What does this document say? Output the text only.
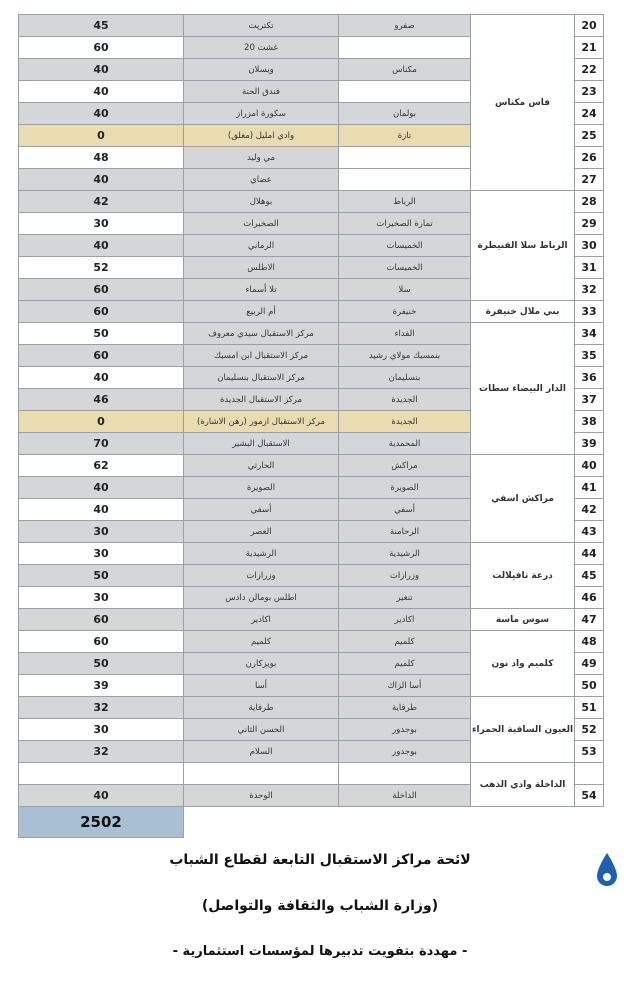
45	تكتريت	صفرو	فاس مكناس	20
60	20 غشت			21
40	ويسلان	مكناس		22
40	فندق الحنة			23
40	سكورة امزراز	بولمان		24
0	وادي امليل (مغلق)	تازة		25
48	مي وليد			26
40	عضاي			27
42	بوهلال	الرباط	الرباط سلا القنيطرة	28
30	الصخيرات	تمارة الصخيرات		29
40	الرماني	الخميسات		30
52	الاطلس	الخميسات		31
60	تلا أسماء	سلا		32
60	أم الربيع	خنيفرة	بني ملال خنيفرة	33
50	مركز الاستقبال سيدي معروف	الفداء	الدار البيضاء سطات	34
60	مركز الاستقبال ابن امسيك	بنمسيك مولاي رشيد		35
40	مركز الاستقبال بنسليمان	بنسليمان		36
46	مركز الاستقبال الجديدة	الجديدة		37
0	مركز الاستقبال ازمور (رهن الاشارة)	الجديدة		38
70	الاستقبال البشير	المحمدية		39
62	الحارثي	مراكش	مراكش اسفي	40
40	الصويرة	الصويرة		41
40	أسفي	أسفي		42
30	العصر	الرحامنة		43
30	الرشيدية	الرشيدية	درعة تافيلالت	44
50	وزرازات	وزرازات		45
30	اطلس بومالن دادس	تنغير		46
60	اكادير	اكادير	سوس ماسة	47
60	كلميم	كلميم	كلميم واد نون	48
50	بويزكارن	كلميم		49
39	أسا	أسا الزاك		50
32	طرفاية	طرفاية	العيون الساقية الحمراء	51
30	الحسن الثاني	بوجدور		52
32	السلام	بوجدور		53
			الداخلة وادي الذهب	
40	الوحدة	الداخلة		54
2502				
لائحة مراكز الاستقبال التابعة لقطاع الشباب
(وزارة الشباب والثقافة والتواصل)
- مهددة بتفويت تدبيرها لمؤسسات استثمارية -
